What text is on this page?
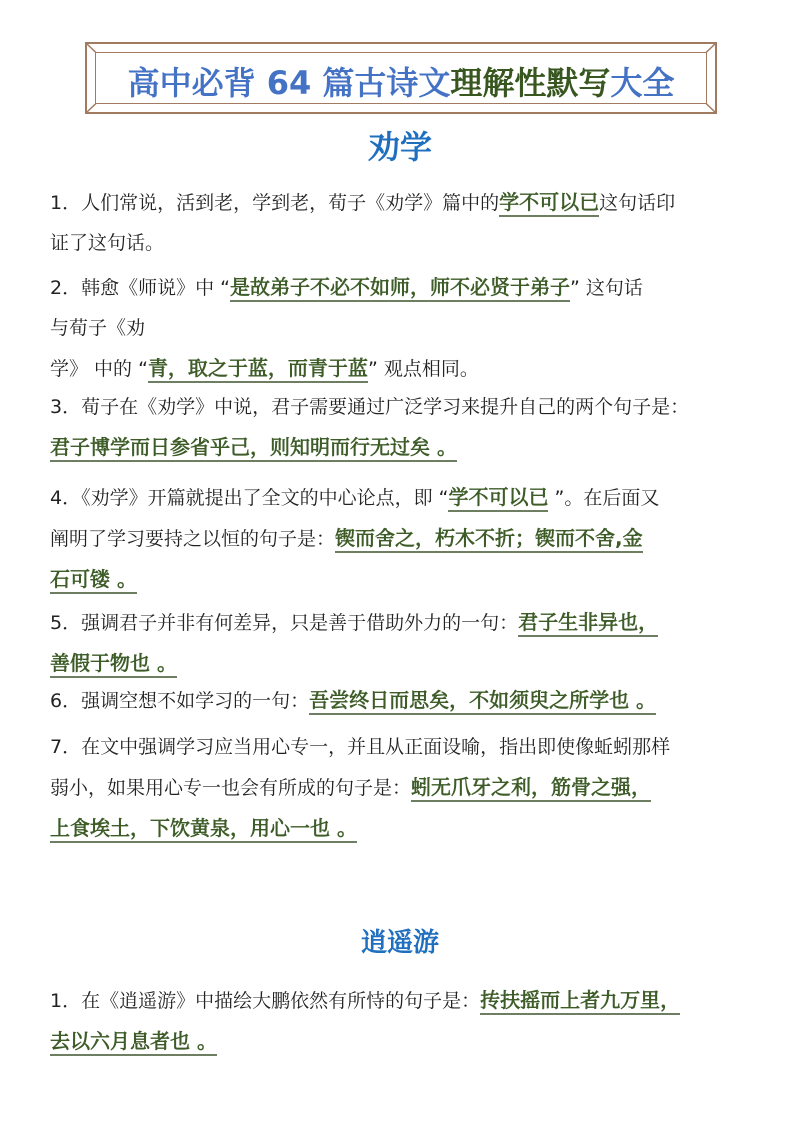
高中必背 64 篇古诗文理解性默写大全
劝学
1．人们常说，活到老，学到老，荀子《劝学》篇中的学不可以已这句话印
证了这句话。
2．韩愈《师说》中 “是故弟子不必不如师，师不必贤于弟子” 这句话
与荀子《劝
学》 中的 “青，取之于蓝，而青于蓝” 观点相同。
3．荀子在《劝学》中说，君子需要通过广泛学习来提升自己的两个句子是：
君子博学而日参省乎己，则知明而行无过矣 。
4．《劝学》开篇就提出了全文的中心论点，即 “学不可以已 ”。在后面又
阐明了学习要持之以恒的句子是：锲而舍之，朽木不折；锲而不舍,金
石可镂 。
5．强调君子并非有何差异，只是善于借助外力的一句：君子生非异也，
善假于物也 。
6．强调空想不如学习的一句：吾尝终日而思矣，不如须臾之所学也 。
7．在文中强调学习应当用心专一，并且从正面设喻，指出即使像蚯蚓那样
弱小，如果用心专一也会有所成的句子是：蚓无爪牙之利，筋骨之强，
上食埃土，下饮黄泉，用心一也 。
逍遥游
1．在《逍遥游》中描绘大鹏依然有所恃的句子是：抟扶摇而上者九万里，
去以六月息者也 。
